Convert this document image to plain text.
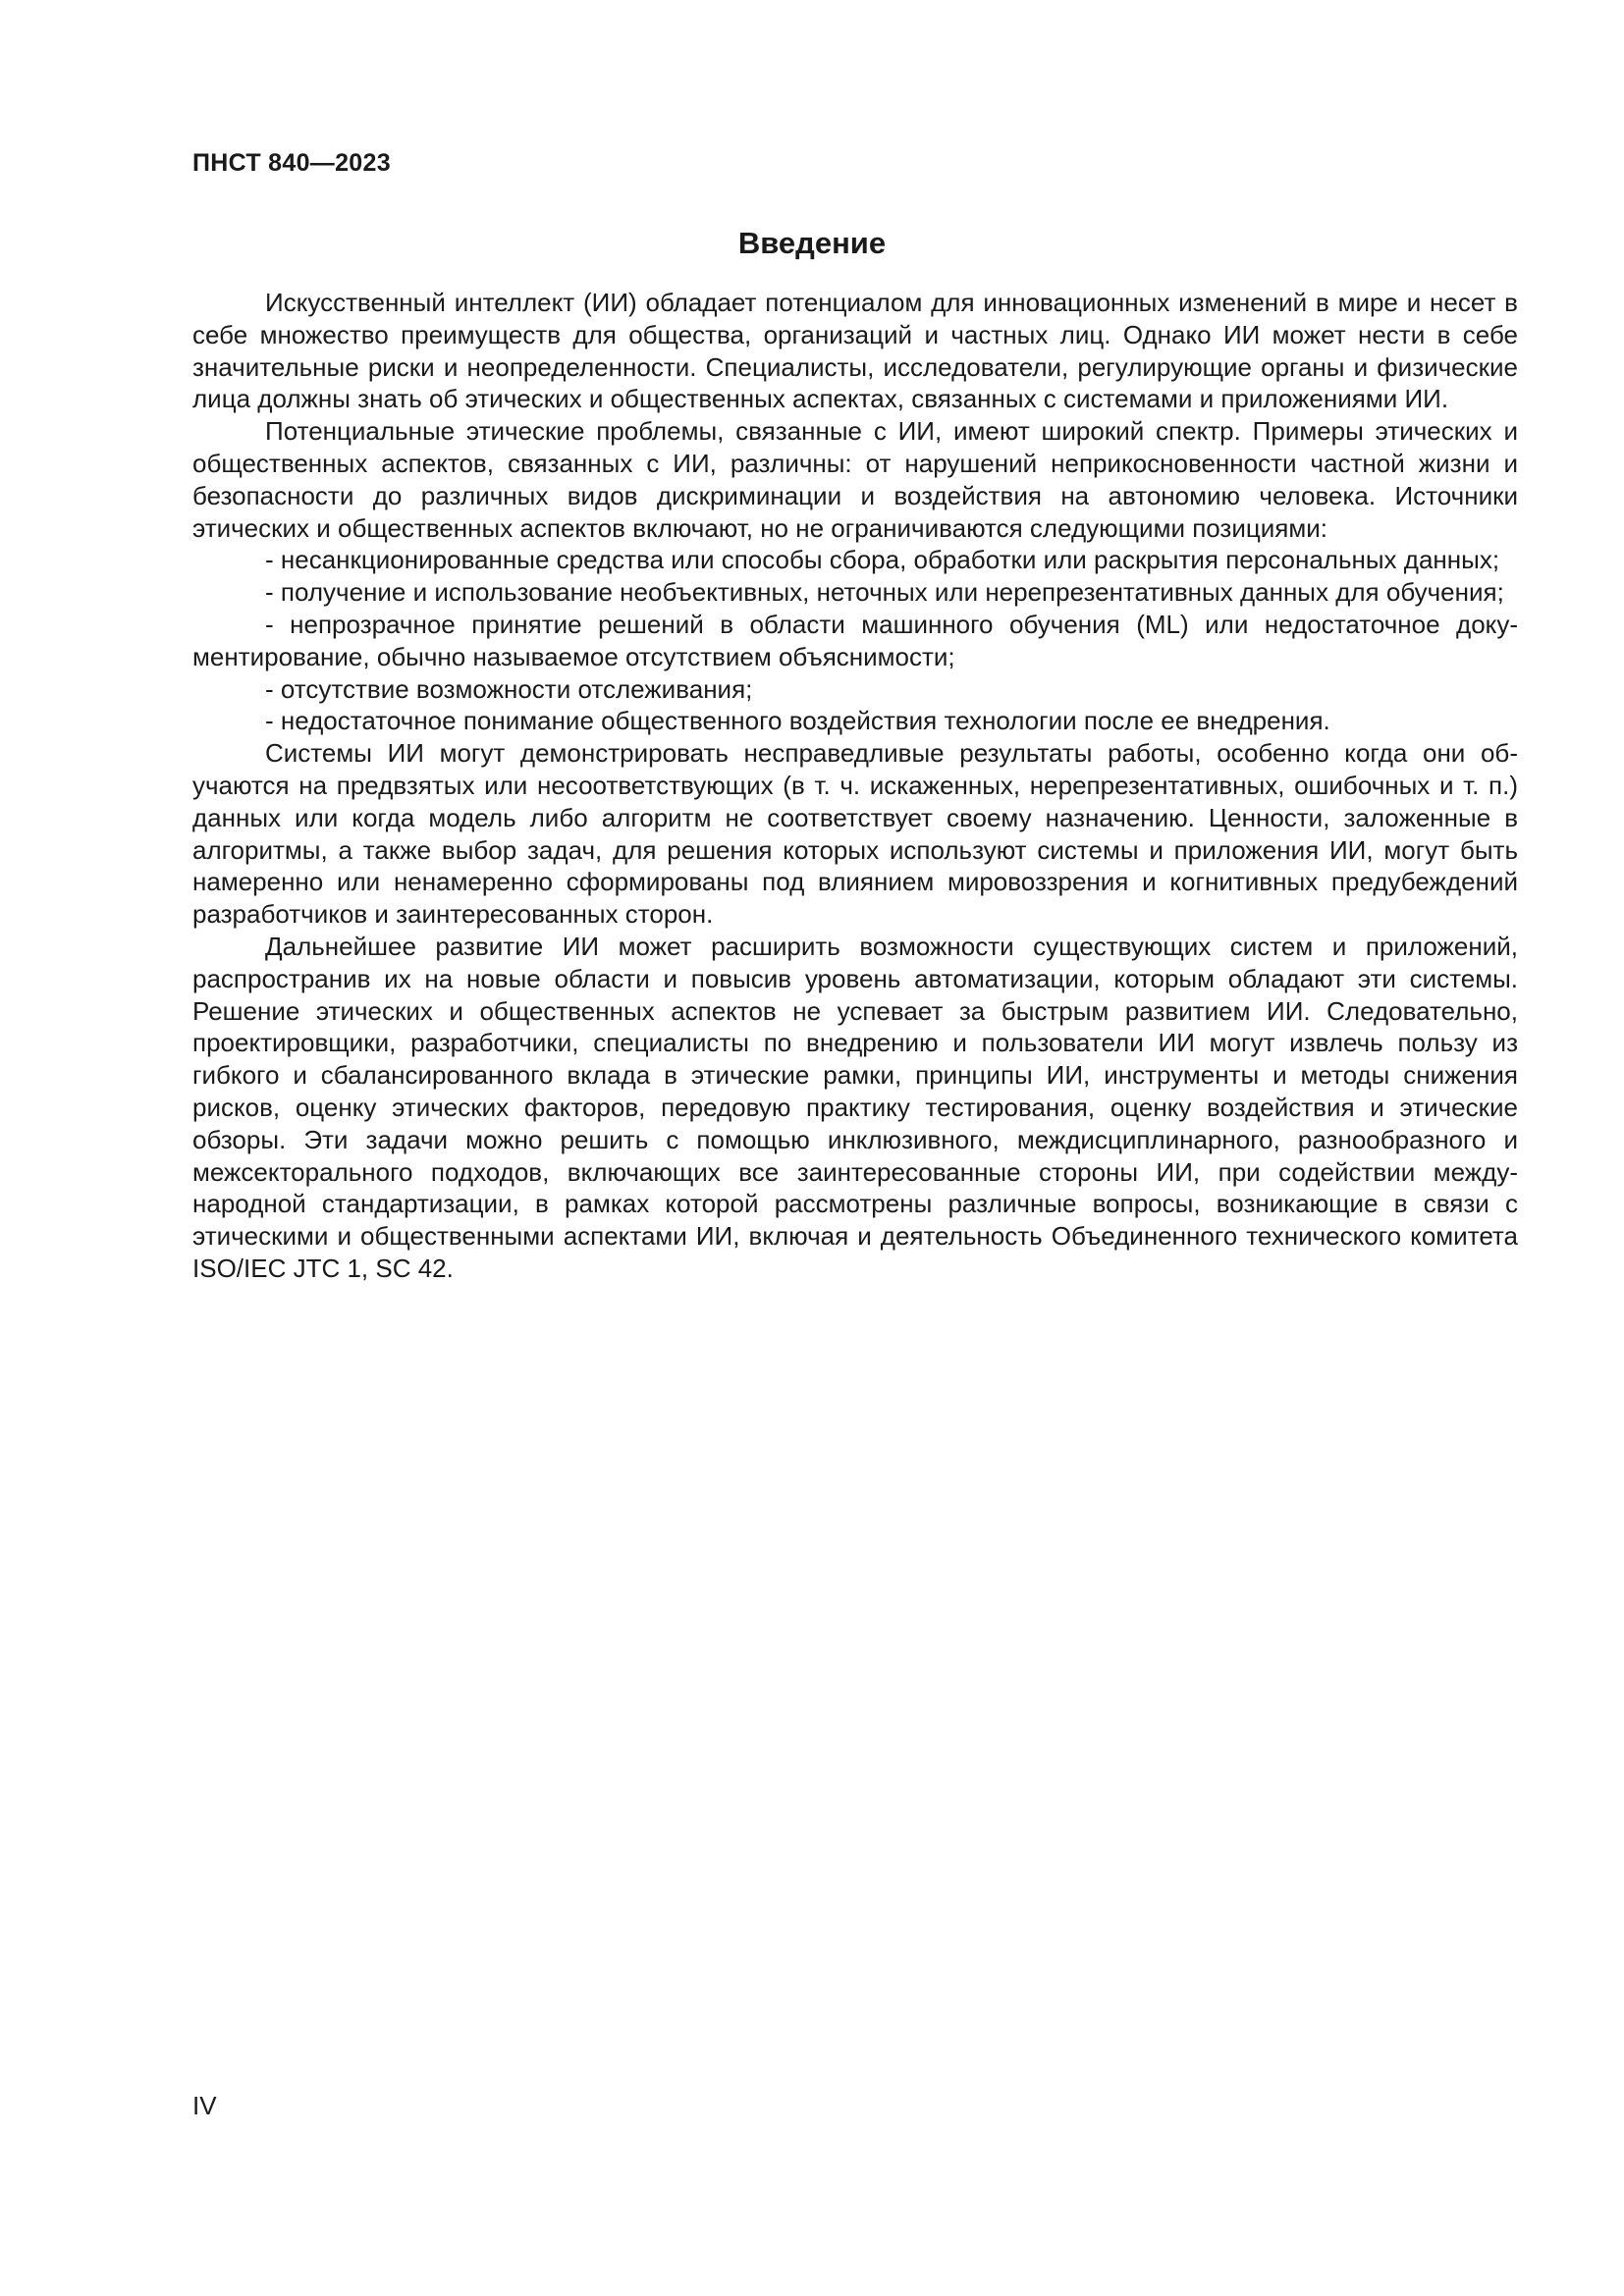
ПНСТ 840—2023

Введение

Искусственный интеллект (ИИ) обладает потенциалом для инновационных изменений в мире и несет в себе множество преимуществ для общества, организаций и частных лиц. Однако ИИ может нести в себе значительные риски и неопределенности. Специалисты, исследователи, регулирующие органы и физические лица должны знать об этических и общественных аспектах, связанных с системами и приложениями ИИ.

Потенциальные этические проблемы, связанные с ИИ, имеют широкий спектр. Примеры этических и общественных аспектов, связанных с ИИ, различны: от нарушений неприкосновенности частной жизни и безопасности до различных видов дискриминации и воздействия на автономию человека. Источники этических и общественных аспектов включают, но не ограничиваются следующими позициями:

- несанкционированные средства или способы сбора, обработки или раскрытия персональных данных;

- получение и использование необъективных, неточных или нерепрезентативных данных для обучения;

- непрозрачное принятие решений в области машинного обучения (ML) или недостаточное документирование, обычно называемое отсутствием объяснимости;

- отсутствие возможности отслеживания;

- недостаточное понимание общественного воздействия технологии после ее внедрения.

Системы ИИ могут демонстрировать несправедливые результаты работы, особенно когда они обучаются на предвзятых или несоответствующих (в т. ч. искаженных, нерепрезентативных, ошибочных и т. п.) данных или когда модель либо алгоритм не соответствует своему назначению. Ценности, заложенные в алгоритмы, а также выбор задач, для решения которых используют системы и приложения ИИ, могут быть намеренно или ненамеренно сформированы под влиянием мировоззрения и когнитивных предубеждений разработчиков и заинтересованных сторон.

Дальнейшее развитие ИИ может расширить возможности существующих систем и приложений, распространив их на новые области и повысив уровень автоматизации, которым обладают эти системы. Решение этических и общественных аспектов не успевает за быстрым развитием ИИ. Следовательно, проектировщики, разработчики, специалисты по внедрению и пользователи ИИ могут извлечь пользу из гибкого и сбалансированного вклада в этические рамки, принципы ИИ, инструменты и методы снижения рисков, оценку этических факторов, передовую практику тестирования, оценку воздействия и этические обзоры. Эти задачи можно решить с помощью инклюзивного, междисциплинарного, разнообразного и межсекторального подходов, включающих все заинтересованные стороны ИИ, при содействии международной стандартизации, в рамках которой рассмотрены различные вопросы, возникающие в связи с этическими и общественными аспектами ИИ, включая и деятельность Объединенного технического комитета ISO/IEC JTC 1, SC 42.

IV
